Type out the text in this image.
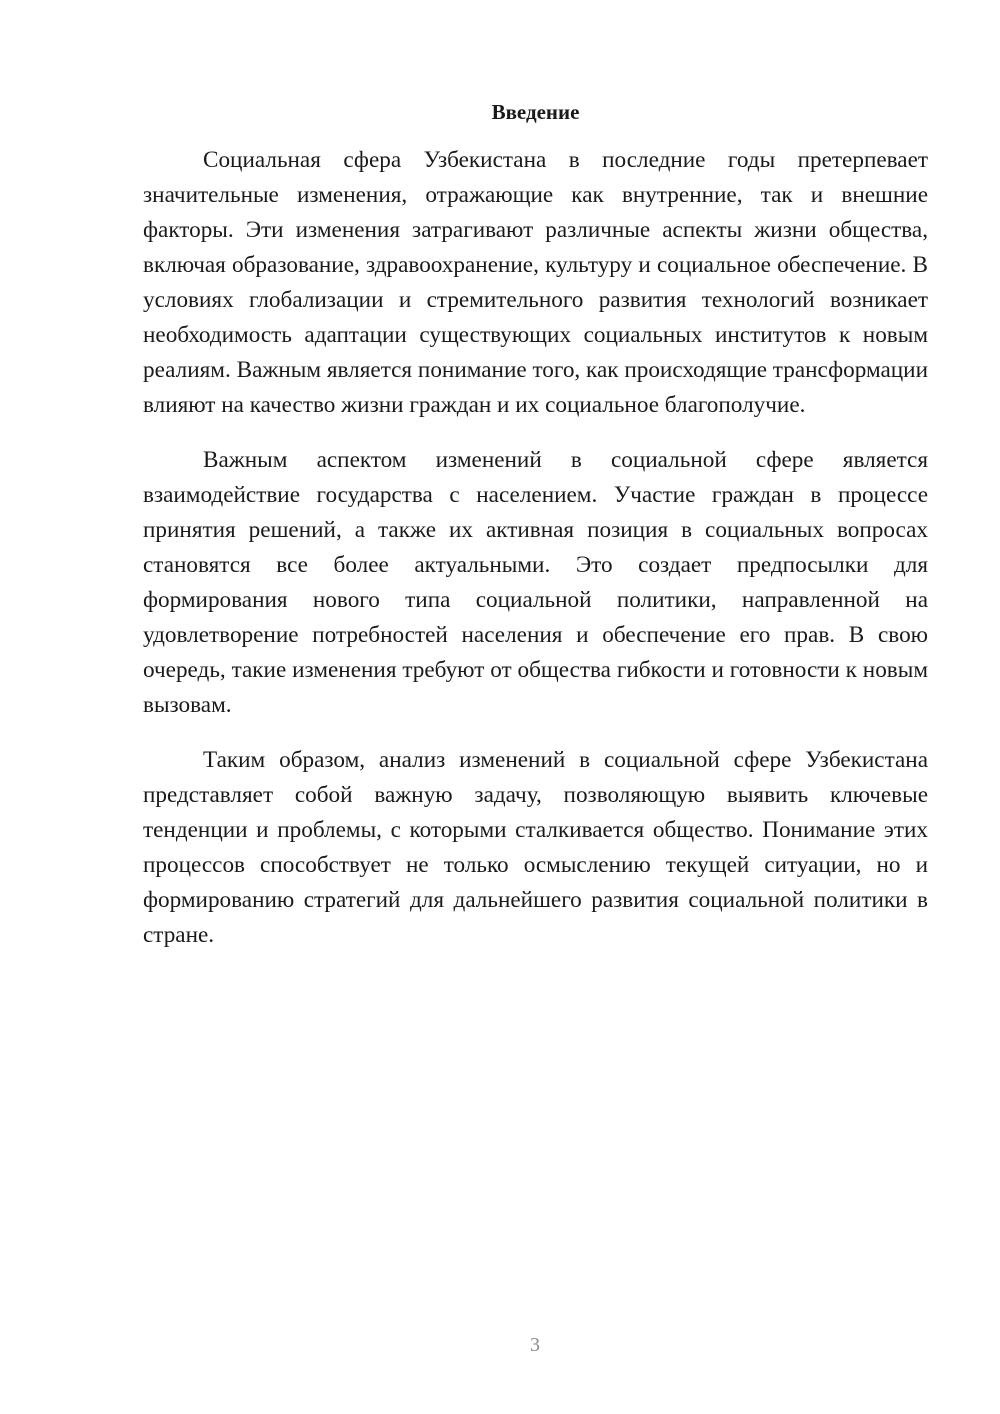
Введение

Социальная сфера Узбекистана в последние годы претерпевает значительные изменения, отражающие как внутренние, так и внешние факторы. Эти изменения затрагивают различные аспекты жизни общества, включая образование, здравоохранение, культуру и социальное обеспечение. В условиях глобализации и стремительного развития технологий возникает необходимость адаптации существующих социальных институтов к новым реалиям. Важным является понимание того, как происходящие трансформации влияют на качество жизни граждан и их социальное благополучие.

Важным аспектом изменений в социальной сфере является взаимодействие государства с населением. Участие граждан в процессе принятия решений, а также их активная позиция в социальных вопросах становятся все более актуальными. Это создает предпосылки для формирования нового типа социальной политики, направленной на удовлетворение потребностей населения и обеспечение его прав. В свою очередь, такие изменения требуют от общества гибкости и готовности к новым вызовам.

Таким образом, анализ изменений в социальной сфере Узбекистана представляет собой важную задачу, позволяющую выявить ключевые тенденции и проблемы, с которыми сталкивается общество. Понимание этих процессов способствует не только осмыслению текущей ситуации, но и формированию стратегий для дальнейшего развития социальной политики в стране.

3
